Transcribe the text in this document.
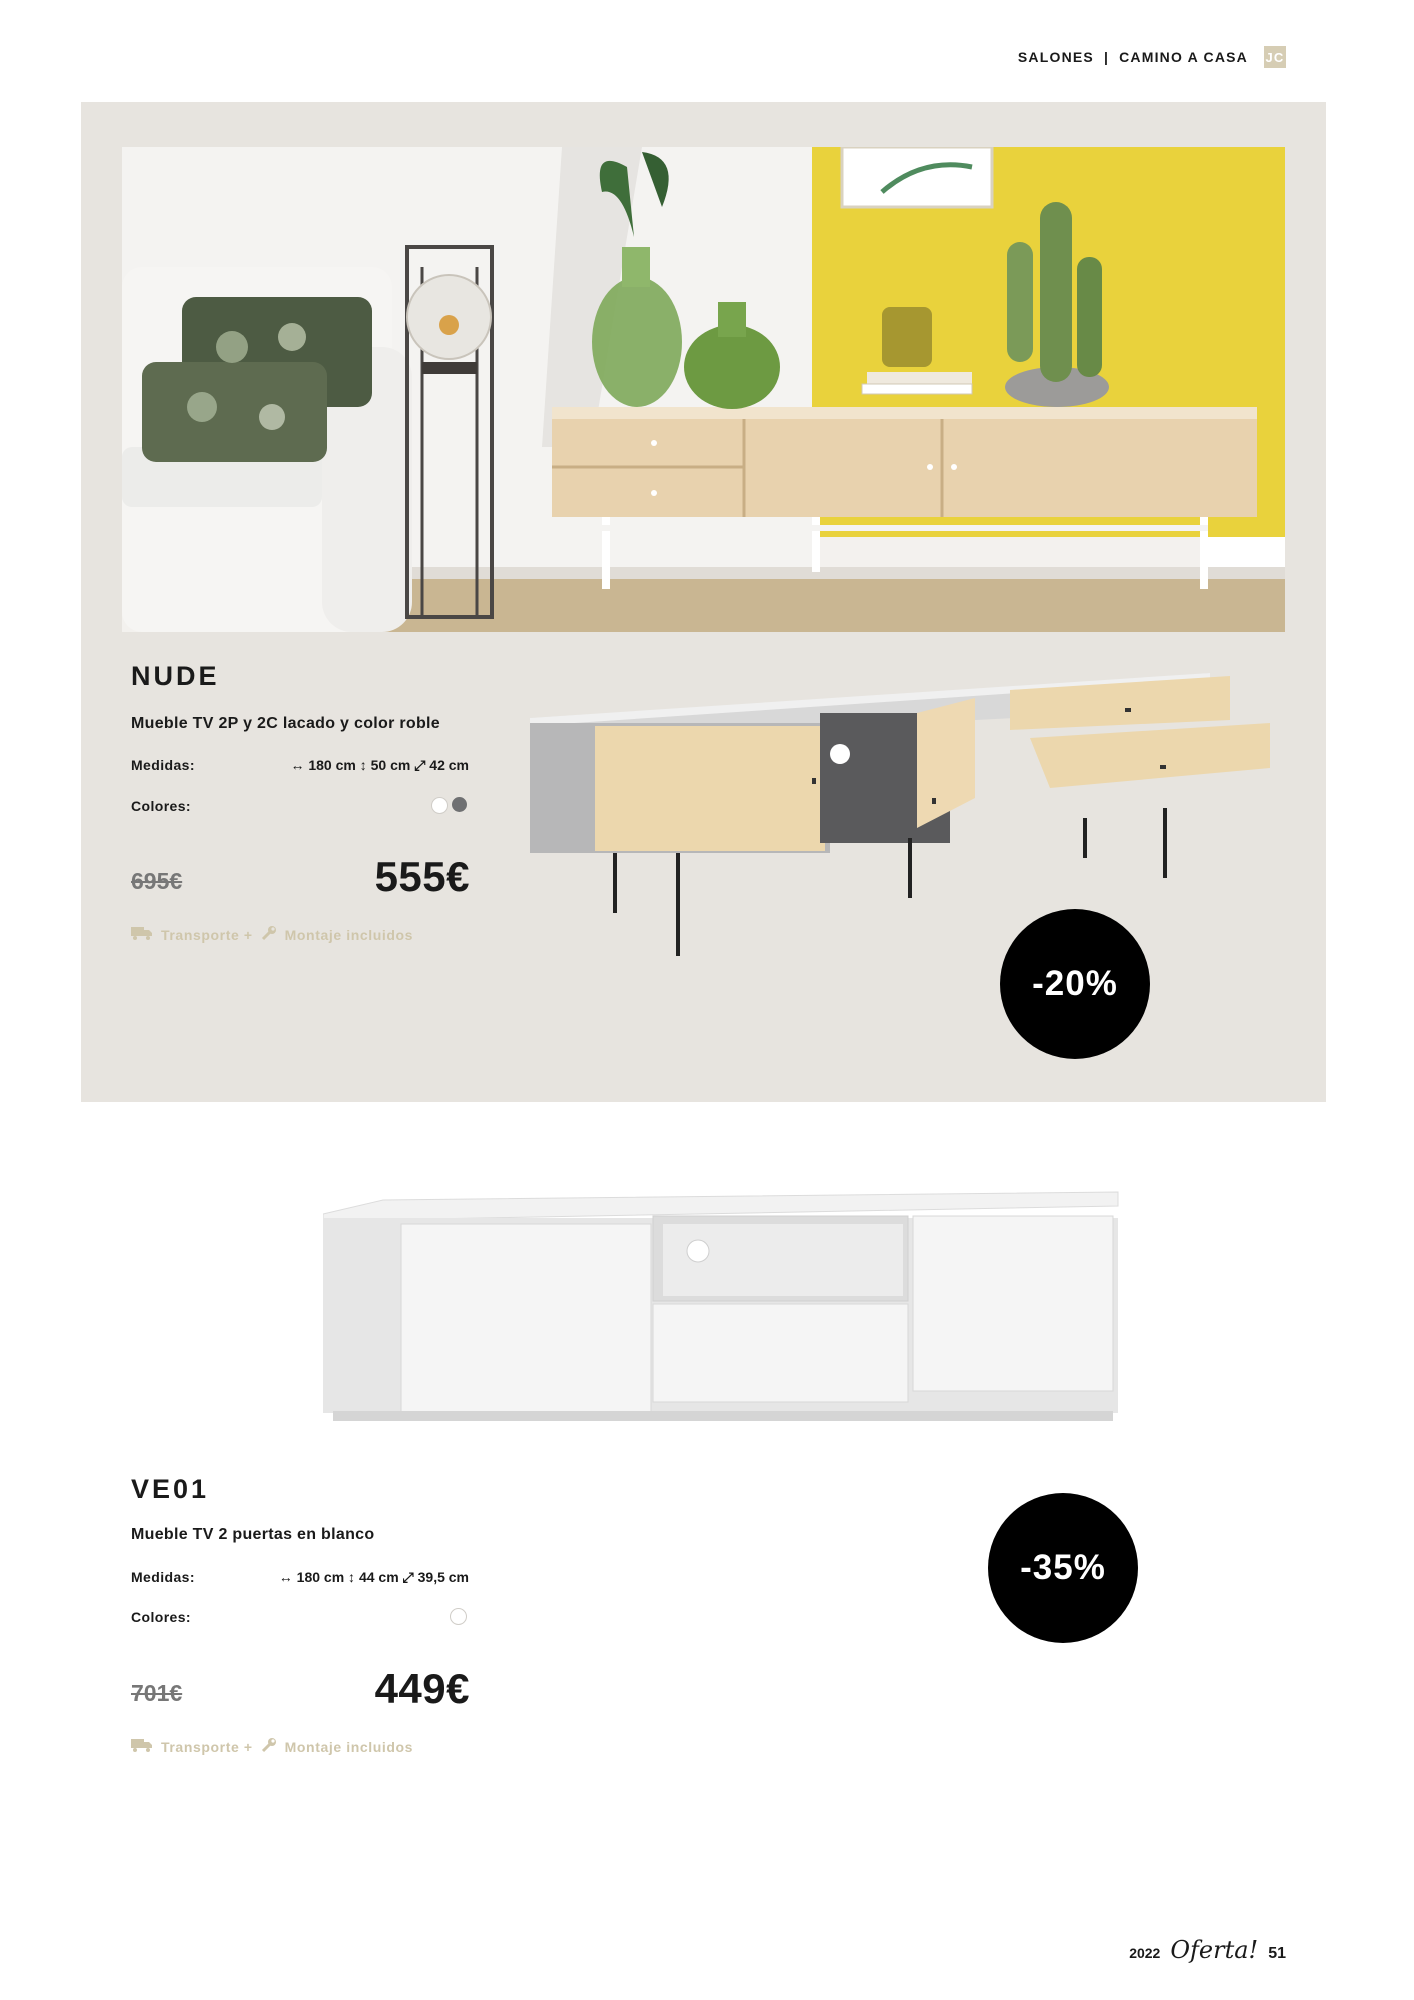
SALONES | CAMINO A CASA JC
NUDE
Mueble TV 2P y 2C lacado y color roble
Medidas:	↔ 180 cm ↕ 50 cm ⤢ 42 cm
Colores:
695€	555€
Transporte + Montaje incluidos
-20%
VE01
Mueble TV 2 puertas en blanco
Medidas:	↔ 180 cm ↕ 44 cm ⤢ 39,5 cm
Colores:
701€	449€
Transporte + Montaje incluidos
-35%
2022 Oferta! 51
